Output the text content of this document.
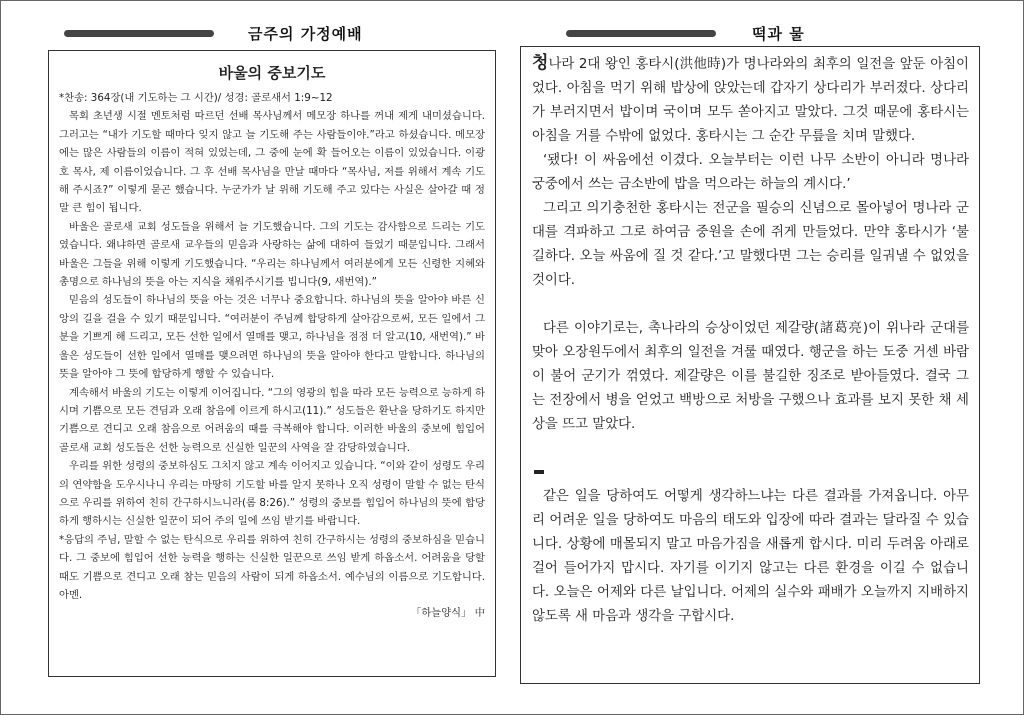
금주의 가정예배	떡과 물
바울의 중보기도

*찬송: 364장(내 기도하는 그 시간)/ 성경: 골로새서 1:9~12

목회 초년생 시절 멘토처럼 따르던 선배 목사님께서 메모장 하나를 꺼내 제게 내미셨습니다. 그러고는 “내가 기도할 때마다 잊지 않고 늘 기도해 주는 사람들이야.”라고 하셨습니다. 메모장에는 많은 사람들의 이름이 적혀 있었는데, 그 중에 눈에 확 들어오는 이름이 있었습니다. 이광호 목사, 제 이름이었습니다. 그 후 선배 목사님을 만날 때마다 “목사님, 저를 위해서 계속 기도해 주시죠?” 이렇게 묻곤 했습니다. 누군가가 날 위해 기도해 주고 있다는 사실은 살아갈 때 정말 큰 힘이 됩니다.

바울은 골로새 교회 성도들을 위해서 늘 기도했습니다. 그의 기도는 감사함으로 드리는 기도였습니다. 왜냐하면 골로새 교우들의 믿음과 사랑하는 삶에 대하여 들었기 때문입니다. 그래서 바울은 그들을 위해 이렇게 기도했습니다. “우리는 하나님께서 여러분에게 모든 신령한 지혜와 총명으로 하나님의 뜻을 아는 지식을 채워주시기를 빕니다(9, 새번역).”

믿음의 성도들이 하나님의 뜻을 아는 것은 너무나 중요합니다. 하나님의 뜻을 알아야 바른 신앙의 길을 걸을 수 있기 때문입니다. “여러분이 주님께 합당하게 살아감으로써, 모든 일에서 그분을 기쁘게 해 드리고, 모든 선한 일에서 열매를 맺고, 하나님을 점점 더 알고(10, 새번역).” 바울은 성도들이 선한 일에서 열매를 맺으려면 하나님의 뜻을 알아야 한다고 말합니다. 하나님의 뜻을 알아야 그 뜻에 합당하게 행할 수 있습니다.

계속해서 바울의 기도는 이렇게 이어집니다. “그의 영광의 힘을 따라 모든 능력으로 능하게 하시며 기쁨으로 모든 견딤과 오래 참음에 이르게 하시고(11).” 성도들은 환난을 당하기도 하지만 기쁨으로 견디고 오래 참음으로 어려움의 때를 극복해야 합니다. 이러한 바울의 중보에 힘입어 골로새 교회 성도들은 선한 능력으로 신실한 일꾼의 사역을 잘 감당하였습니다.

우리를 위한 성령의 중보하심도 그치지 않고 계속 이어지고 있습니다. “이와 같이 성령도 우리의 연약함을 도우시나니 우리는 마땅히 기도할 바를 알지 못하나 오직 성령이 말할 수 없는 탄식으로 우리를 위하여 친히 간구하시느니라(롬 8:26).” 성령의 중보를 힘입어 하나님의 뜻에 합당하게 행하시는 신실한 일꾼이 되어 주의 일에 쓰임 받기를 바랍니다.

*응답의 주님, 말할 수 없는 탄식으로 우리를 위하여 친히 간구하시는 성령의 중보하심을 믿습니다. 그 중보에 힘입어 선한 능력을 행하는 신실한 일꾼으로 쓰임 받게 하옵소서. 어려움을 당할 때도 기쁨으로 견디고 오래 참는 믿음의 사람이 되게 하옵소서. 예수님의 이름으로 기도합니다. 아멘.

「하늘양식」 中

청나라 2대 왕인 홍타시(洪他時)가 명나라와의 최후의 일전을 앞둔 아침이었다. 아침을 먹기 위해 밥상에 앉았는데 갑자기 상다리가 부러졌다. 상다리가 부러지면서 밥이며 국이며 모두 쏟아지고 말았다. 그것 때문에 홍타시는 아침을 거를 수밖에 없었다. 홍타시는 그 순간 무릎을 치며 말했다.

‘됐다! 이 싸움에선 이겼다. 오늘부터는 이런 나무 소반이 아니라 명나라 궁중에서 쓰는 금소반에 밥을 먹으라는 하늘의 계시다.’

그리고 의기충천한 홍타시는 전군을 필승의 신념으로 몰아넣어 명나라 군대를 격파하고 그로 하여금 중원을 손에 쥐게 만들었다. 만약 홍타시가 ‘불길하다. 오늘 싸움에 질 것 같다.’고 말했다면 그는 승리를 일궈낼 수 없었을 것이다.

다른 이야기로는, 촉나라의 승상이었던 제갈량(諸葛亮)이 위나라 군대를 맞아 오장원두에서 최후의 일전을 겨룰 때였다. 행군을 하는 도중 거센 바람이 불어 군기가 꺾였다. 제갈량은 이를 불길한 징조로 받아들였다. 결국 그는 전장에서 병을 얻었고 백방으로 처방을 구했으나 효과를 보지 못한 채 세상을 뜨고 말았다.

같은 일을 당하여도 어떻게 생각하느냐는 다른 결과를 가져옵니다. 아무리 어려운 일을 당하여도 마음의 태도와 입장에 따라 결과는 달라질 수 있습니다. 상황에 매몰되지 말고 마음가짐을 새롭게 합시다. 미리 두려움 아래로 걸어 들어가지 맙시다. 자기를 이기지 않고는 다른 환경을 이길 수 없습니다. 오늘은 어제와 다른 날입니다. 어제의 실수와 패배가 오늘까지 지배하지 않도록 새 마음과 생각을 구합시다.
